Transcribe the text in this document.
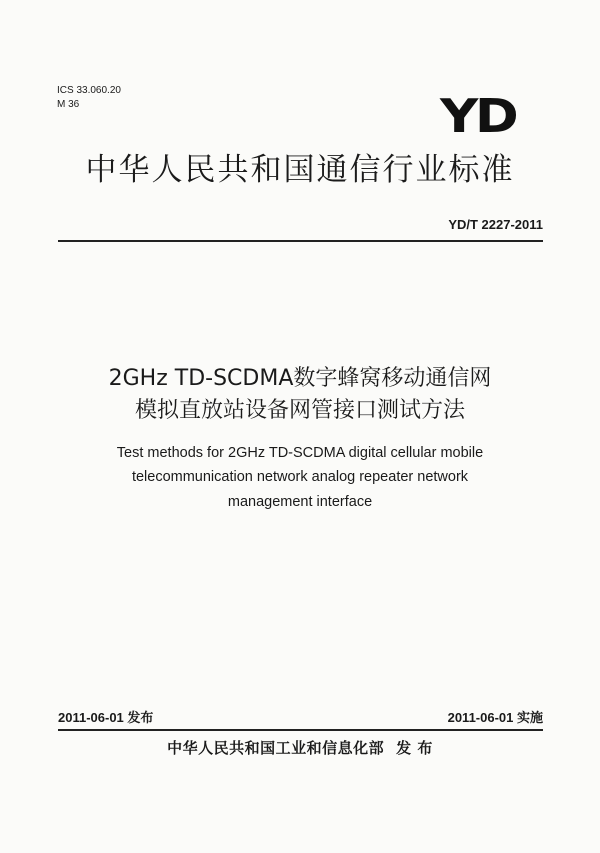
ICS 33.060.20
M 36	YD
中华人民共和国通信行业标准
YD/T 2227-2011
2GHz TD-SCDMA数字蜂窝移动通信网
模拟直放站设备网管接口测试方法
Test methods for 2GHz TD-SCDMA digital cellular mobile
telecommunication network analog repeater network
management interface
2011-06-01 发布	2011-06-01 实施
中华人民共和国工业和信息化部 发 布
